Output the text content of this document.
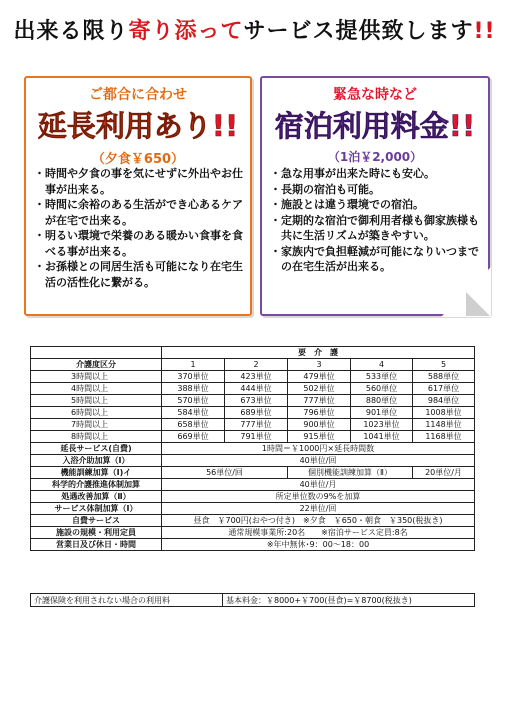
出来る限り寄り添ってサービス提供致します!!
ご都合に合わせ
延長利用あり!!
（夕食￥650）
・ 時間や夕食の事を気にせずに外出やお仕事が出来る。
・ 時間に余裕のある生活ができ心あるケアが在宅で出来る。
・ 明るい環境で栄養のある暖かい食事を食べる事が出来る。
・ お孫様との同居生活も可能になり在宅生活の活性化に繋がる。
緊急な時など
宿泊利用料金!!
（1泊￥2,000）
・ 急な用事が出来た時にも安心。
・ 長期の宿泊も可能。
・ 施設とは違う環境での宿泊。
・ 定期的な宿泊で御利用者様も御家族様も共に生活リズムが築きやすい。
・ 家族内で負担軽減が可能になりいつまでの在宅生活が出来る。
	要　介　護				
介護度区分	1	2	3	4	5
3時間以上	370単位	423単位	479単位	533単位	588単位
4時間以上	388単位	444単位	502単位	560単位	617単位
5時間以上	570単位	673単位	777単位	880単位	984単位
6時間以上	584単位	689単位	796単位	901単位	1008単位
7時間以上	658単位	777単位	900単位	1023単位	1148単位
8時間以上	669単位	791単位	915単位	1041単位	1168単位
延長サービス(自費)	1時間＝￥1000円×延長時間数				
入浴介助加算（Ⅰ）	40単位/回				
機能訓練加算（Ⅰ)イ	56単位/回		個別機能訓練加算（Ⅱ）		20単位/月
科学的介護推進体制加算	40単位/月				
処遇改善加算（Ⅱ）	所定単位数の9%を加算				
サービス体制加算（Ⅰ）	22単位/回				
自費サービス	昼食　￥700円(おやつ付き)　※夕食　￥650・朝食　￥350(税抜き)				
施設の規模・利用定員	通常規模事業所:20名　　※宿泊サービス定員:8名				
営業日及び休日・時間	※年中無休･9：00～18：00				
介護保険を利用されない場合の利用料	基本料金：￥8000+￥700(昼食)=￥8700(税抜き)
